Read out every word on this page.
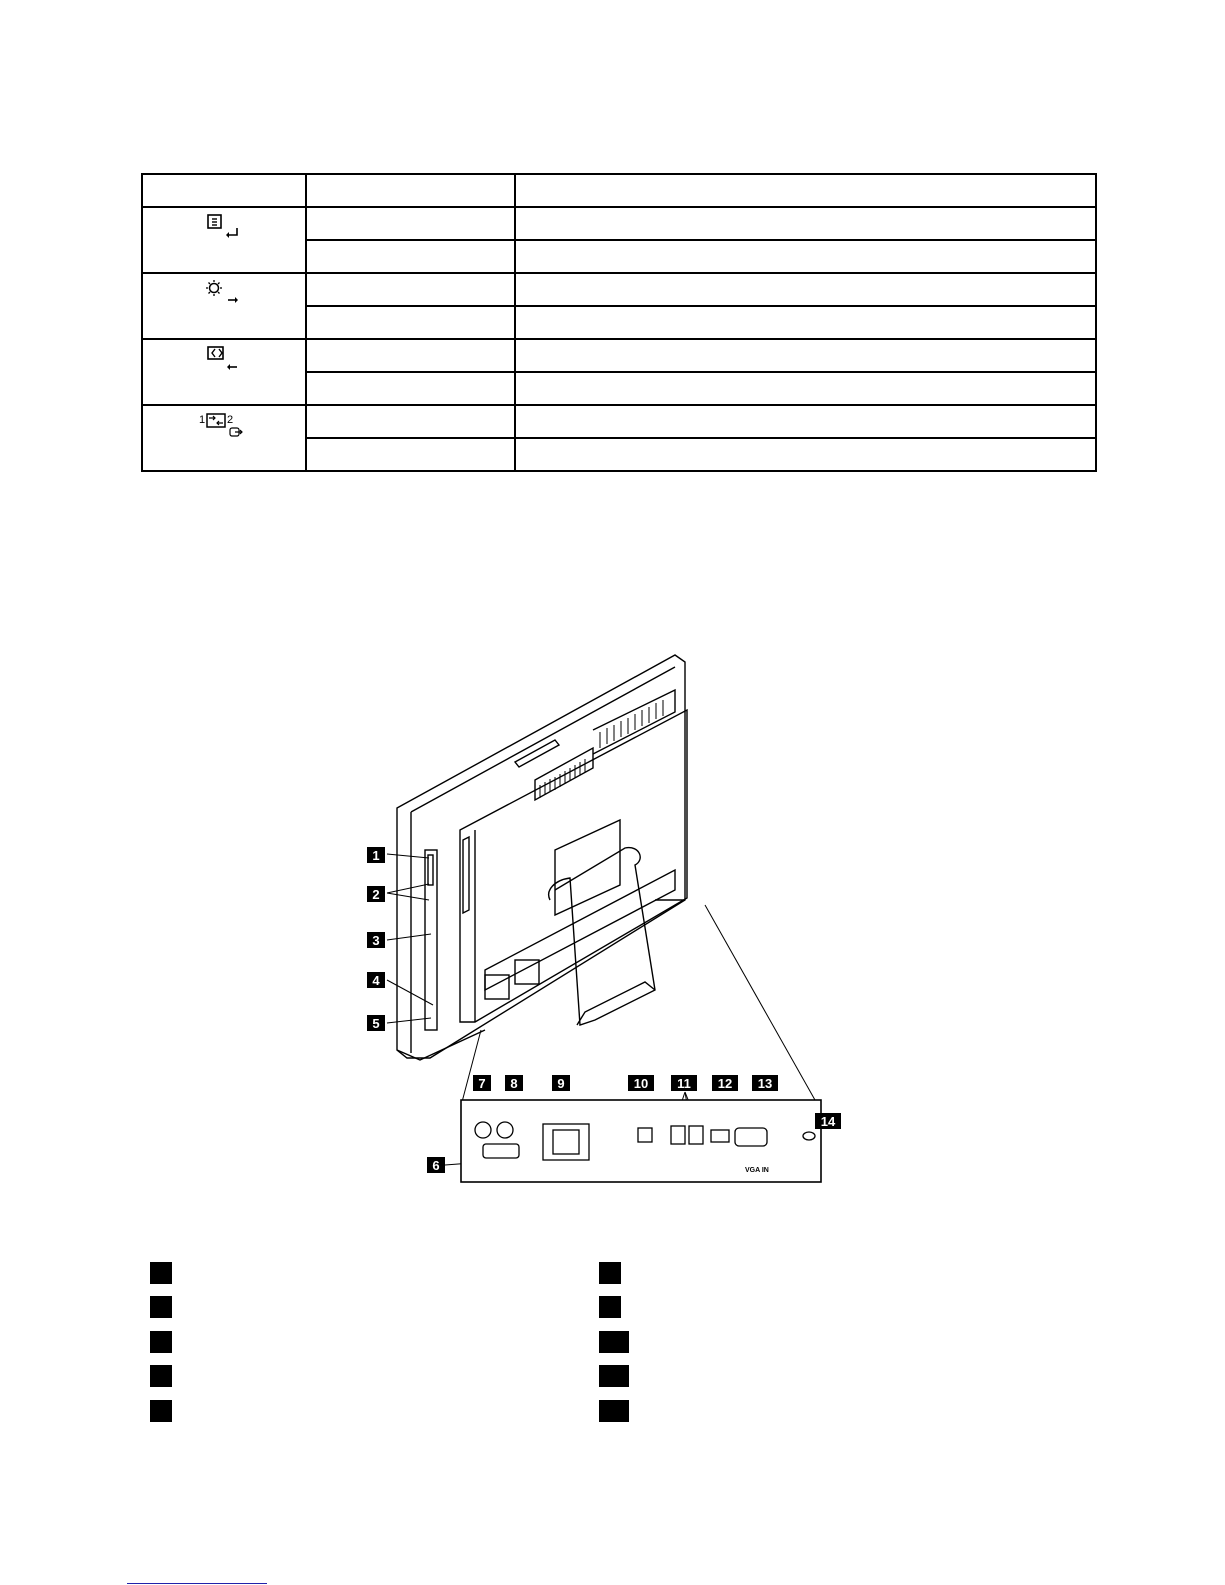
1 2		

VGA IN
1
2
3
4
5
6
7 8	9	10 11 12 13
14
1
2
3
4
5
6
7
8
9
10
